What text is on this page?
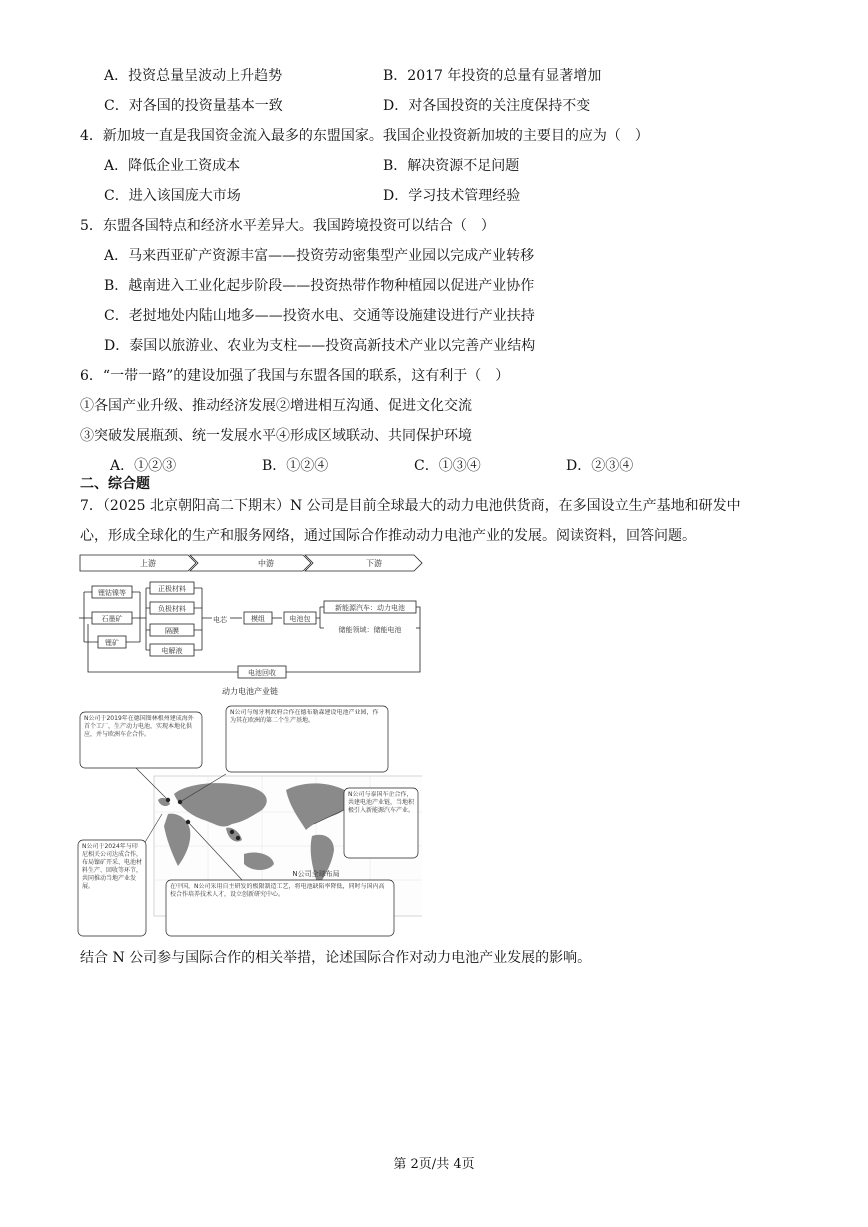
A．投资总量呈波动上升趋势	B．2017 年投资的总量有显著增加
C．对各国的投资量基本一致	D．对各国投资的关注度保持不变
4．新加坡一直是我国资金流入最多的东盟国家。我国企业投资新加坡的主要目的应为（　）
A．降低企业工资成本	B．解决资源不足问题
C．进入该国庞大市场	D．学习技术管理经验
5．东盟各国特点和经济水平差异大。我国跨境投资可以结合（　）
A．马来西亚矿产资源丰富——投资劳动密集型产业园以完成产业转移
B．越南进入工业化起步阶段——投资热带作物种植园以促进产业协作
C．老挝地处内陆山地多——投资水电、交通等设施建设进行产业扶持
D．泰国以旅游业、农业为支柱——投资高新技术产业以完善产业结构
6．“一带一路”的建设加强了我国与东盟各国的联系，这有利于（　）
①各国产业升级、推动经济发展②增进相互沟通、促进文化交流
③突破发展瓶颈、统一发展水平④形成区域联动、共同保护环境
A．①②③	B．①②④	C．①③④	D．②③④
二、综合题
7．（2025 北京朝阳高二下期末）N 公司是目前全球最大的动力电池供货商，在多国设立生产基地和研发中
心，形成全球化的生产和服务网络，通过国际合作推动动力电池产业的发展。阅读资料，回答问题。
上游	中游	下游
锂钴镍等
石墨矿
锂矿
正极材料
负极材料
隔膜
电解液
电芯	模组	电池包
新能源汽车：动力电池
储能领域：储能电池
电池回收
动力电池产业链
N公司于2019年在德国图林根州建成海外首个工厂，生产动力电池，实现本地化供应，并与欧洲车企合作。
N公司与匈牙利政府合作在德布勒森建设电池产业园，作为其在欧洲的第二个生产基地。
N公司与泰国车企合作，共建电池产业链，当地积极引入新能源汽车产业。
N公司于2024年与印尼相关公司达成合作，布局镍矿开采、电池材料生产、回收等环节，共同推动当地产业发展。	在中国，N公司采用自主研发的极限制造工艺，将电池缺陷率降低，同时与国内高校合作培养技术人才，设立创新研究中心。
N公司全球布局
结合 N 公司参与国际合作的相关举措，论述国际合作对动力电池产业发展的影响。
第 2页/共 4页
